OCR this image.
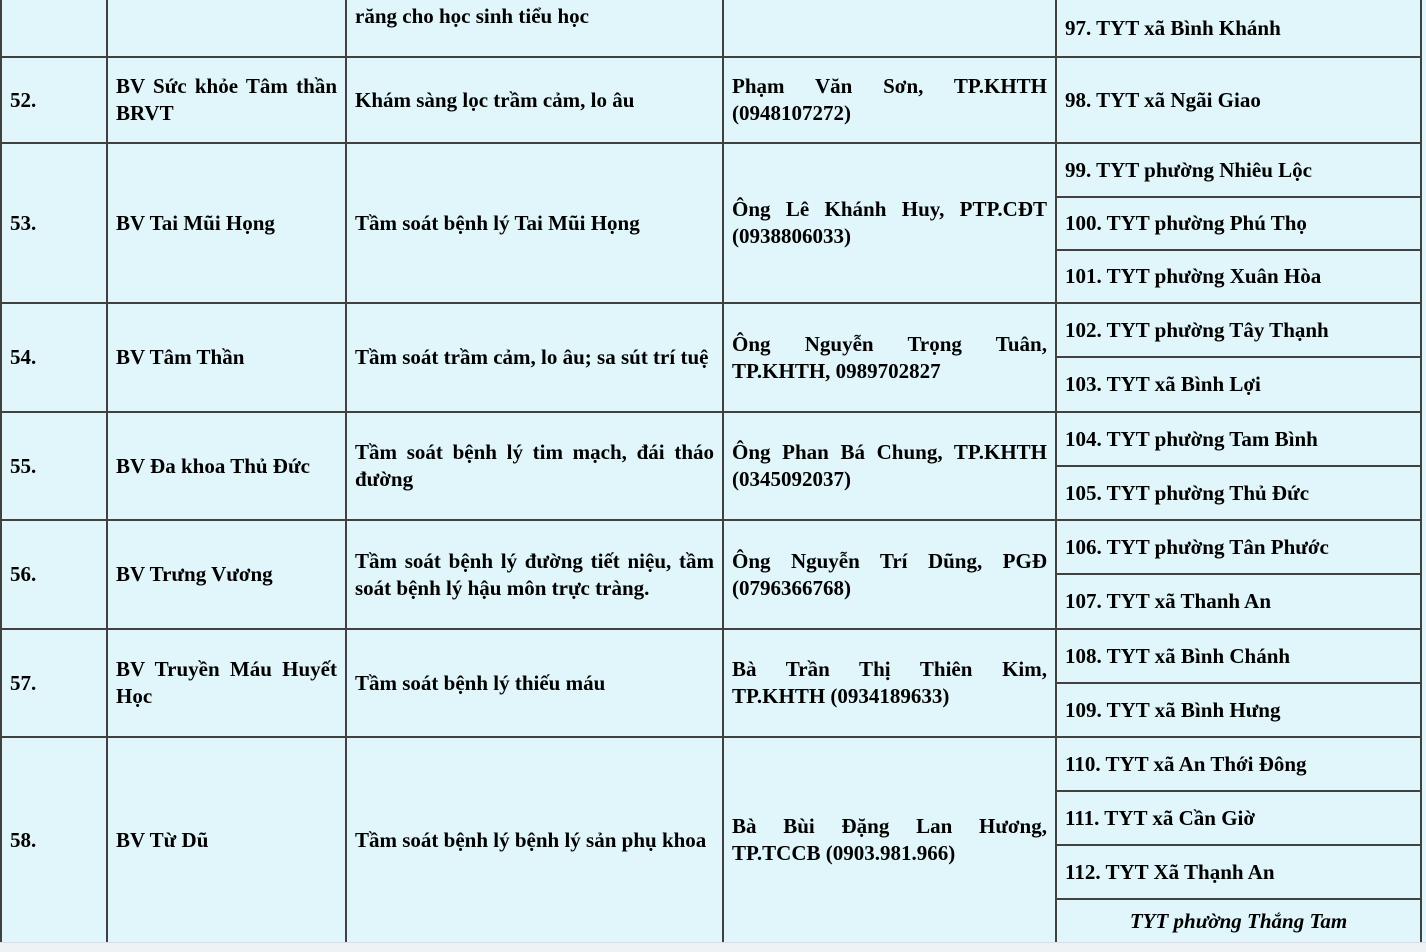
		răng cho học sinh tiểu học		97. TYT xã Bình Khánh
52.	BV Sức khỏe Tâm thần BRVT	Khám sàng lọc trầm cảm, lo âu	Phạm Văn Sơn, TP.KHTH (0948107272)	98. TYT xã Ngãi Giao
53.	BV Tai Mũi Họng	Tầm soát bệnh lý Tai Mũi Họng	Ông Lê Khánh Huy, PTP.CĐT (0938806033)	99. TYT phường Nhiêu Lộc
				100. TYT phường Phú Thọ
				101. TYT phường Xuân Hòa
54.	BV Tâm Thần	Tầm soát trầm cảm, lo âu; sa sút trí tuệ	Ông Nguyễn Trọng Tuân, TP.KHTH, 0989702827	102. TYT phường Tây Thạnh
				103. TYT xã Bình Lợi
55.	BV Đa khoa Thủ Đức	Tầm soát bệnh lý tim mạch, đái tháo đường	Ông Phan Bá Chung, TP.KHTH (0345092037)	104. TYT phường Tam Bình
				105. TYT phường Thủ Đức
56.	BV Trưng Vương	Tầm soát bệnh lý đường tiết niệu, tầm soát bệnh lý hậu môn trực tràng.	Ông Nguyễn Trí Dũng, PGĐ (0796366768)	106. TYT phường Tân Phước
				107. TYT xã Thanh An
57.	BV Truyền Máu Huyết Học	Tầm soát bệnh lý thiếu máu	Bà Trần Thị Thiên Kim, TP.KHTH (0934189633)	108. TYT xã Bình Chánh
				109. TYT xã Bình Hưng
58.	BV Từ Dũ	Tầm soát bệnh lý bệnh lý sản phụ khoa	Bà Bùi Đặng Lan Hương, TP.TCCB (0903.981.966)	110. TYT xã An Thới Đông
				111. TYT xã Cần Giờ
				112. TYT Xã Thạnh An
				TYT phường Thắng Tam
